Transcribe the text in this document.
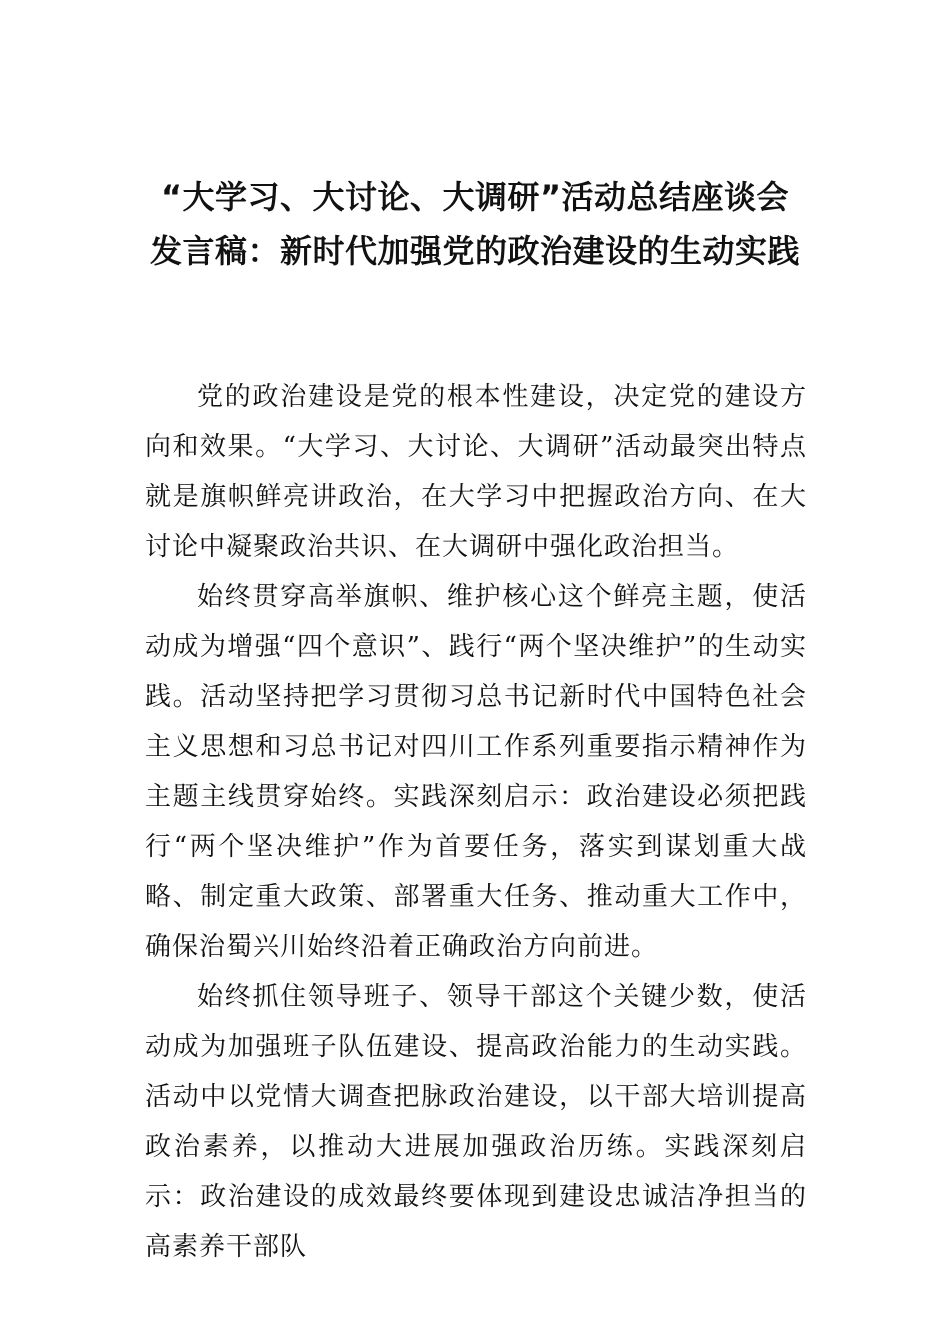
“大学习、大讨论、大调研”活动总结座谈会发言稿：新时代加强党的政治建设的生动实践

党的政治建设是党的根本性建设，决定党的建设方向和效果。“大学习、大讨论、大调研”活动最突出特点就是旗帜鲜亮讲政治，在大学习中把握政治方向、在大讨论中凝聚政治共识、在大调研中强化政治担当。

始终贯穿高举旗帜、维护核心这个鲜亮主题，使活动成为增强“四个意识”、践行“两个坚决维护”的生动实践。活动坚持把学习贯彻习总书记新时代中国特色社会主义思想和习总书记对四川工作系列重要指示精神作为主题主线贯穿始终。实践深刻启示：政治建设必须把践行“两个坚决维护”作为首要任务，落实到谋划重大战略、制定重大政策、部署重大任务、推动重大工作中，确保治蜀兴川始终沿着正确政治方向前进。

始终抓住领导班子、领导干部这个关键少数，使活动成为加强班子队伍建设、提高政治能力的生动实践。活动中以党情大调查把脉政治建设，以干部大培训提高政治素养，以推动大进展加强政治历练。实践深刻启示：政治建设的成效最终要体现到建设忠诚洁净担当的高素养干部队
